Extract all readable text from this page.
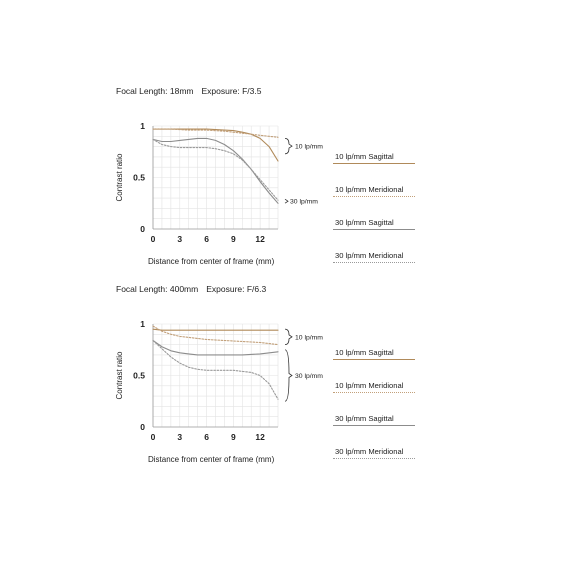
Focal Length: 18mm Exposure: F/3.5
0	3	6	9 12
0
0.5
1
Distance from center of frame (mm)
Contrast ratio
10 lp/mm
30 lp/mm
10 lp/mm Sagittal
10 lp/mm Meridional
30 lp/mm Sagittal
30 lp/mm Meridional
Focal Length: 400mm Exposure: F/6.3
0	3	6	9 12
0
0.5
1
Distance from center of frame (mm)
Contrast ratio
10 lp/mm
30 lp/mm
10 lp/mm Sagittal
10 lp/mm Meridional
30 lp/mm Sagittal
30 lp/mm Meridional
